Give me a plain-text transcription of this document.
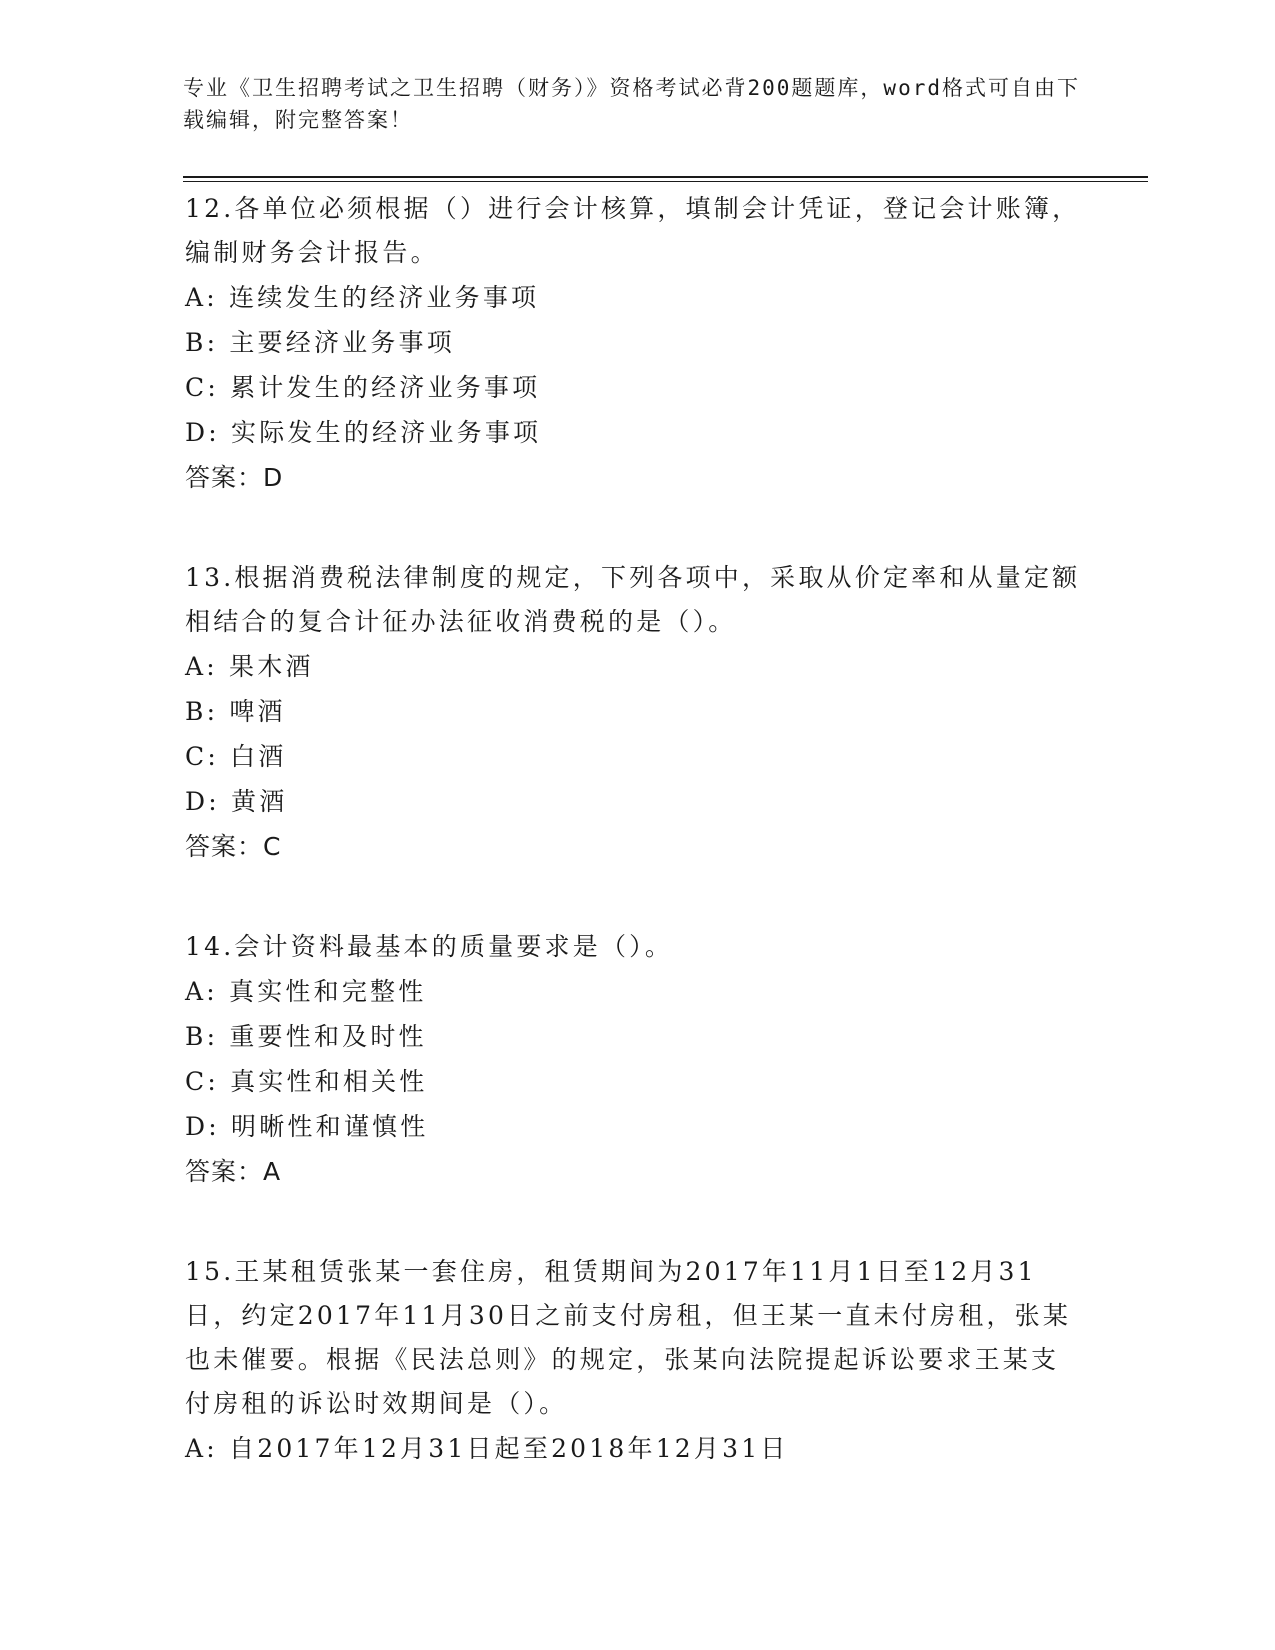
专业《卫生招聘考试之卫生招聘（财务）》资格考试必背200题题库，word格式可自由下载编辑，附完整答案！
12.各单位必须根据（）进行会计核算，填制会计凭证，登记会计账簿，编制财务会计报告。
A: 连续发生的经济业务事项
B: 主要经济业务事项
C: 累计发生的经济业务事项
D: 实际发生的经济业务事项
答案：D
13.根据消费税法律制度的规定，下列各项中，采取从价定率和从量定额相结合的复合计征办法征收消费税的是（）。
A: 果木酒
B: 啤酒
C: 白酒
D: 黄酒
答案：C
14.会计资料最基本的质量要求是（）。
A: 真实性和完整性
B: 重要性和及时性
C: 真实性和相关性
D: 明晰性和谨慎性
答案：A
15.王某租赁张某一套住房，租赁期间为2017年11月1日至12月31日，约定2017年11月30日之前支付房租，但王某一直未付房租，张某也未催要。根据《民法总则》的规定，张某向法院提起诉讼要求王某支付房租的诉讼时效期间是（）。
A: 自2017年12月31日起至2018年12月31日
